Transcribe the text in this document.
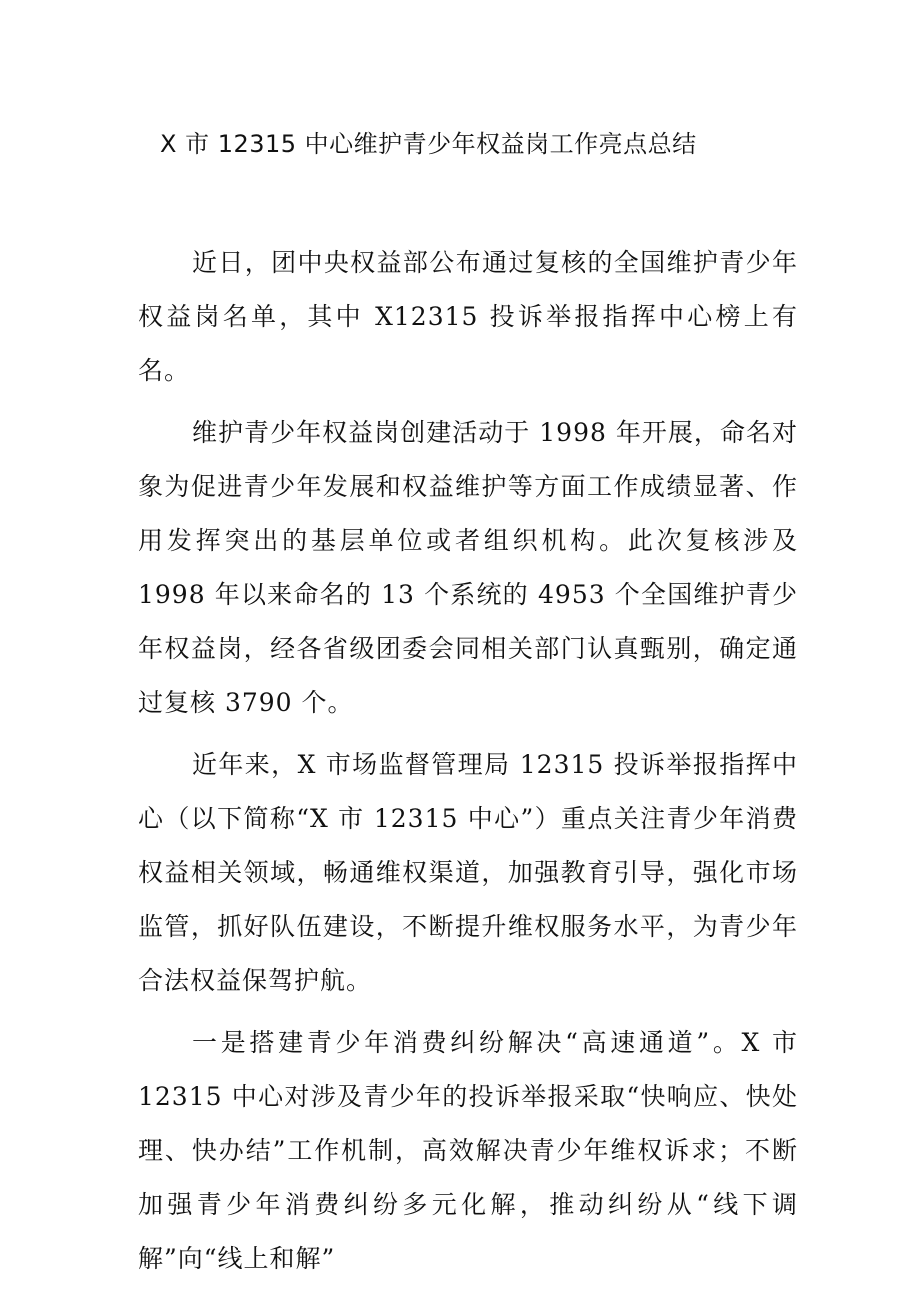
X 市 12315 中心维护青少年权益岗工作亮点总结

近日，团中央权益部公布通过复核的全国维护青少年权益岗名单，其中 X12315 投诉举报指挥中心榜上有名。

维护青少年权益岗创建活动于 1998 年开展，命名对象为促进青少年发展和权益维护等方面工作成绩显著、作用发挥突出的基层单位或者组织机构。此次复核涉及 1998 年以来命名的 13 个系统的 4953 个全国维护青少年权益岗，经各省级团委会同相关部门认真甄别，确定通过复核 3790 个。

近年来，X 市场监督管理局 12315 投诉举报指挥中心（以下简称“X 市 12315 中心”）重点关注青少年消费权益相关领域，畅通维权渠道，加强教育引导，强化市场监管，抓好队伍建设，不断提升维权服务水平，为青少年合法权益保驾护航。

一是搭建青少年消费纠纷解决“高速通道”。X 市 12315 中心对涉及青少年的投诉举报采取“快响应、快处理、快办结”工作机制，高效解决青少年维权诉求；不断加强青少年消费纠纷多元化解，推动纠纷从“线下调解”向“线上和解”
